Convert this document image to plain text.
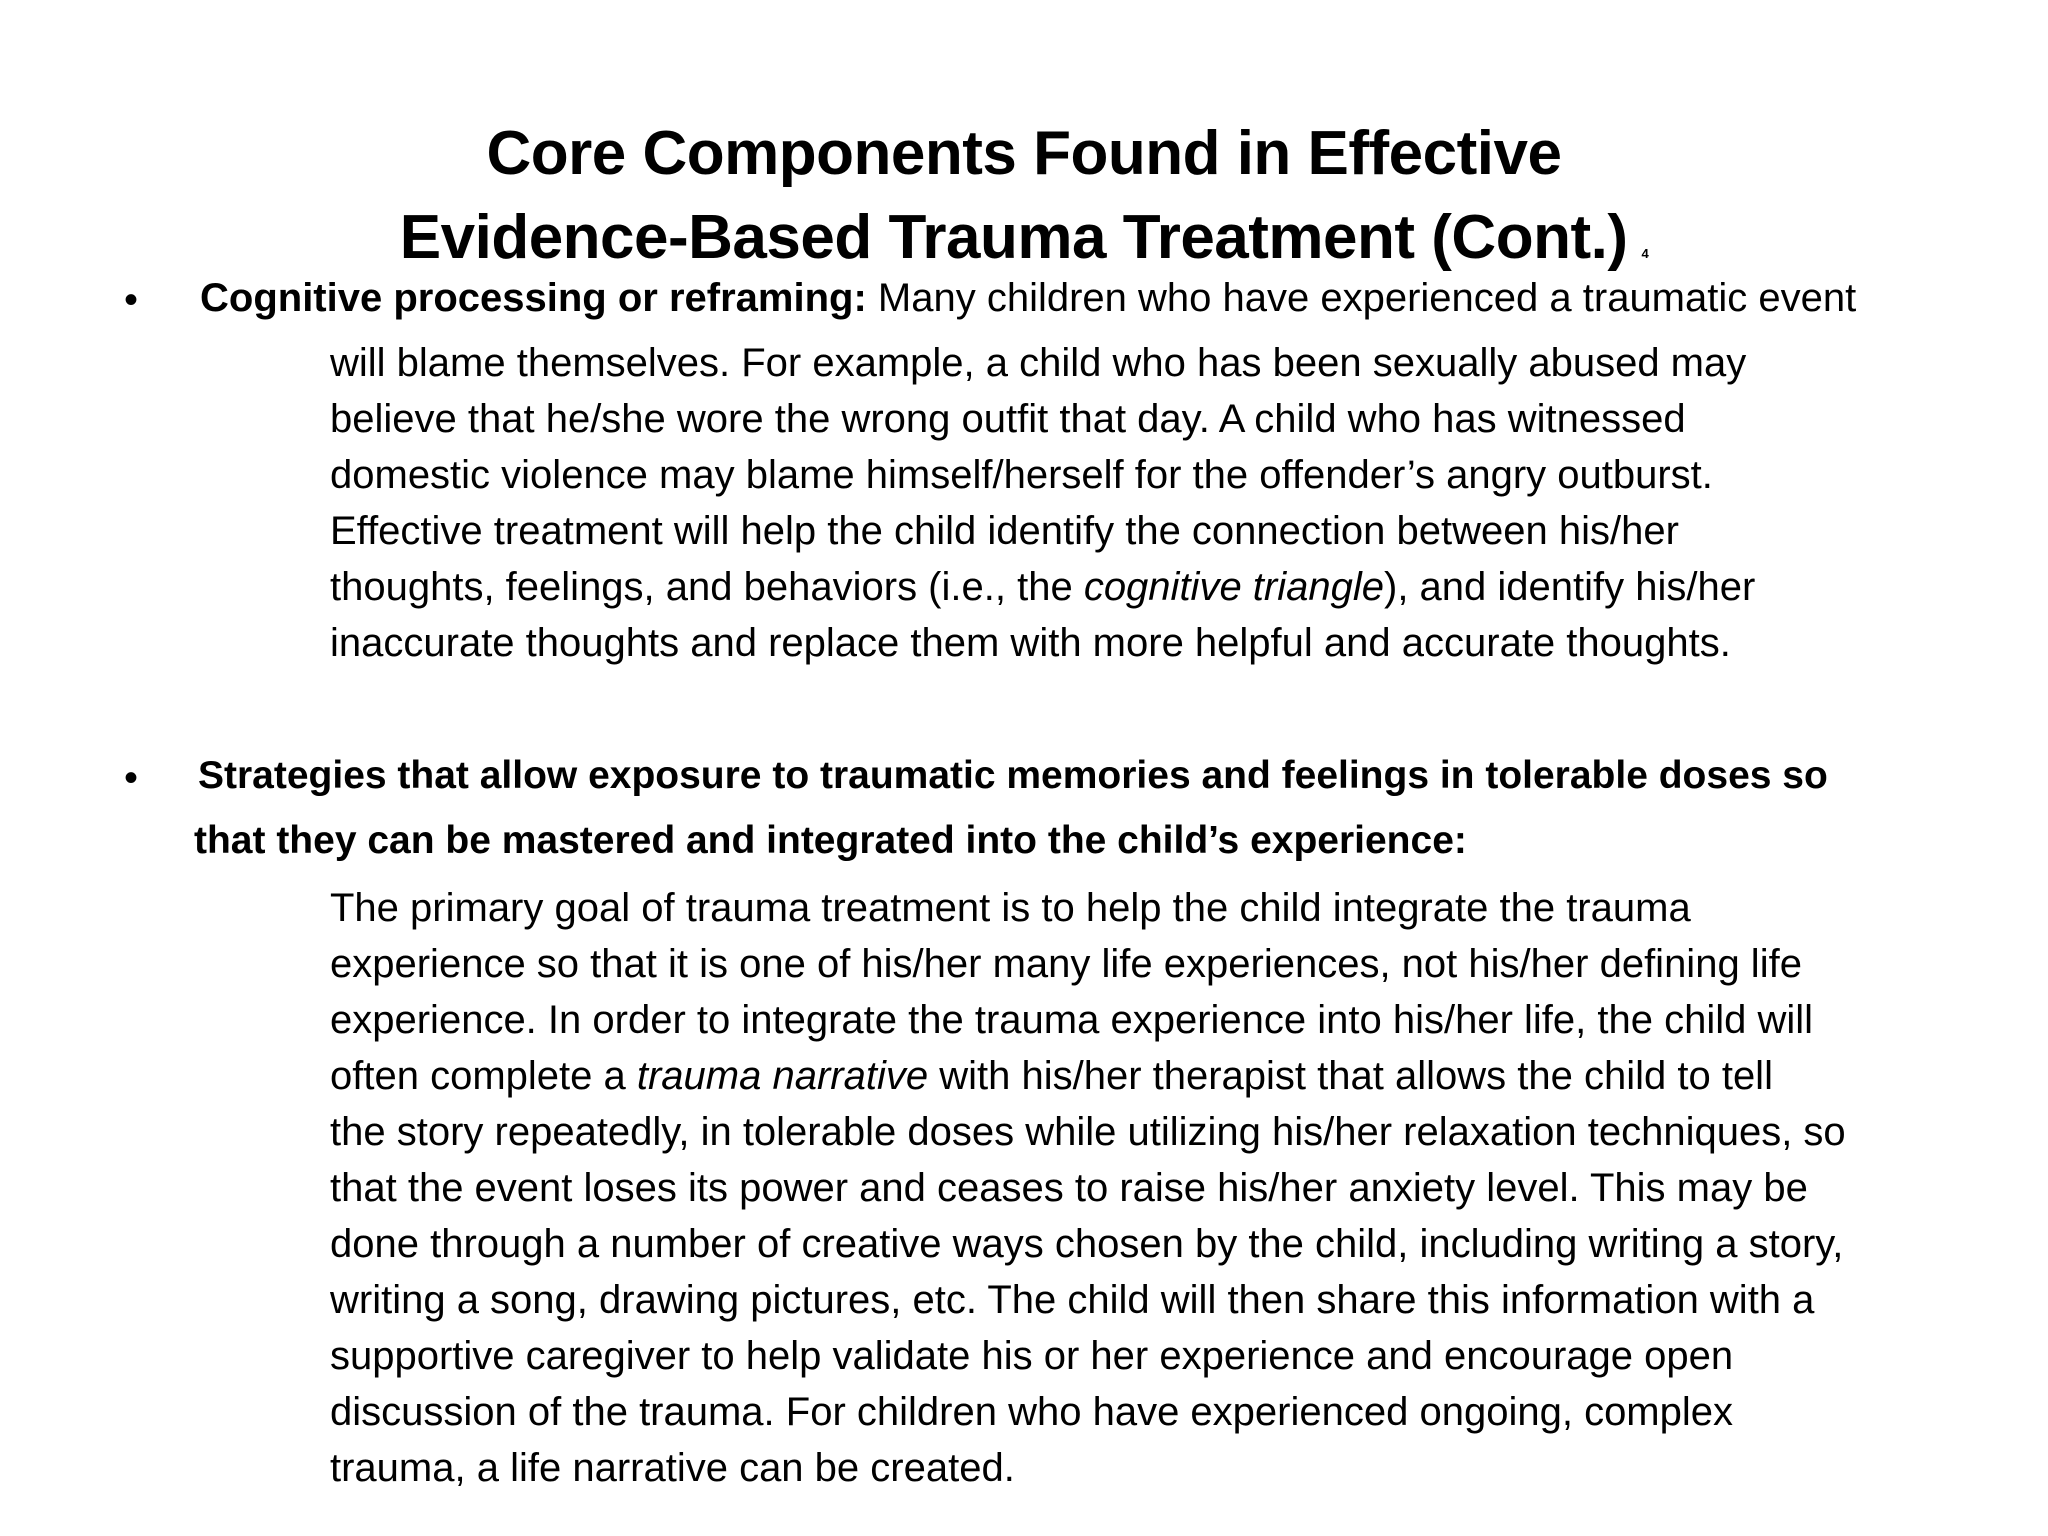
Core Components Found in Effective
Evidence-Based Trauma Treatment (Cont.) 4
• Cognitive processing or reframing: Many children who have experienced a traumatic event
will blame themselves. For example, a child who has been sexually abused may
believe that he/she wore the wrong outfit that day. A child who has witnessed
domestic violence may blame himself/herself for the offender’s angry outburst.
Effective treatment will help the child identify the connection between his/her
thoughts, feelings, and behaviors (i.e., the cognitive triangle), and identify his/her
inaccurate thoughts and replace them with more helpful and accurate thoughts.
• Strategies that allow exposure to traumatic memories and feelings in tolerable doses so
that they can be mastered and integrated into the child’s experience:
The primary goal of trauma treatment is to help the child integrate the trauma
experience so that it is one of his/her many life experiences, not his/her defining life
experience. In order to integrate the trauma experience into his/her life, the child will
often complete a trauma narrative with his/her therapist that allows the child to tell
the story repeatedly, in tolerable doses while utilizing his/her relaxation techniques, so
that the event loses its power and ceases to raise his/her anxiety level. This may be
done through a number of creative ways chosen by the child, including writing a story,
writing a song, drawing pictures, etc. The child will then share this information with a
supportive caregiver to help validate his or her experience and encourage open
discussion of the trauma. For children who have experienced ongoing, complex
trauma, a life narrative can be created.
